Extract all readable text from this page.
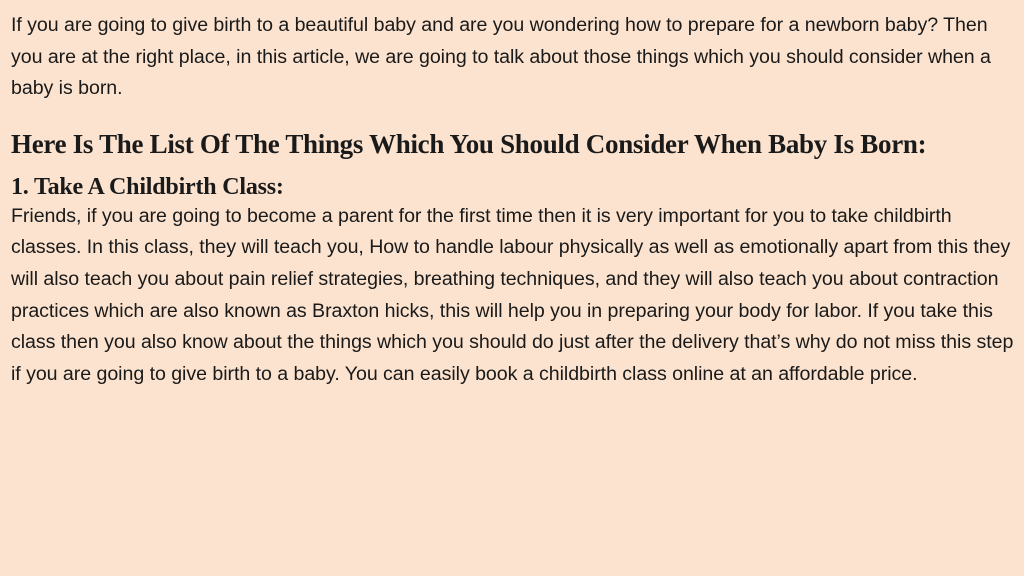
If you are going to give birth to a beautiful baby and are you wondering how to prepare for a newborn baby? Then you are at the right place, in this article, we are going to talk about those things which you should consider when a baby is born.

Here Is The List Of The Things Which You Should Consider When Baby Is Born:
1. Take A Childbirth Class:

Friends, if you are going to become a parent for the first time then it is very important for you to take childbirth classes. In this class, they will teach you, How to handle labour physically as well as emotionally apart from this they will also teach you about pain relief strategies, breathing techniques, and they will also teach you about contraction practices which are also known as Braxton hicks, this will help you in preparing your body for labor. If you take this class then you also know about the things which you should do just after the delivery that’s why do not miss this step if you are going to give birth to a baby. You can easily book a childbirth class online at an affordable price.
